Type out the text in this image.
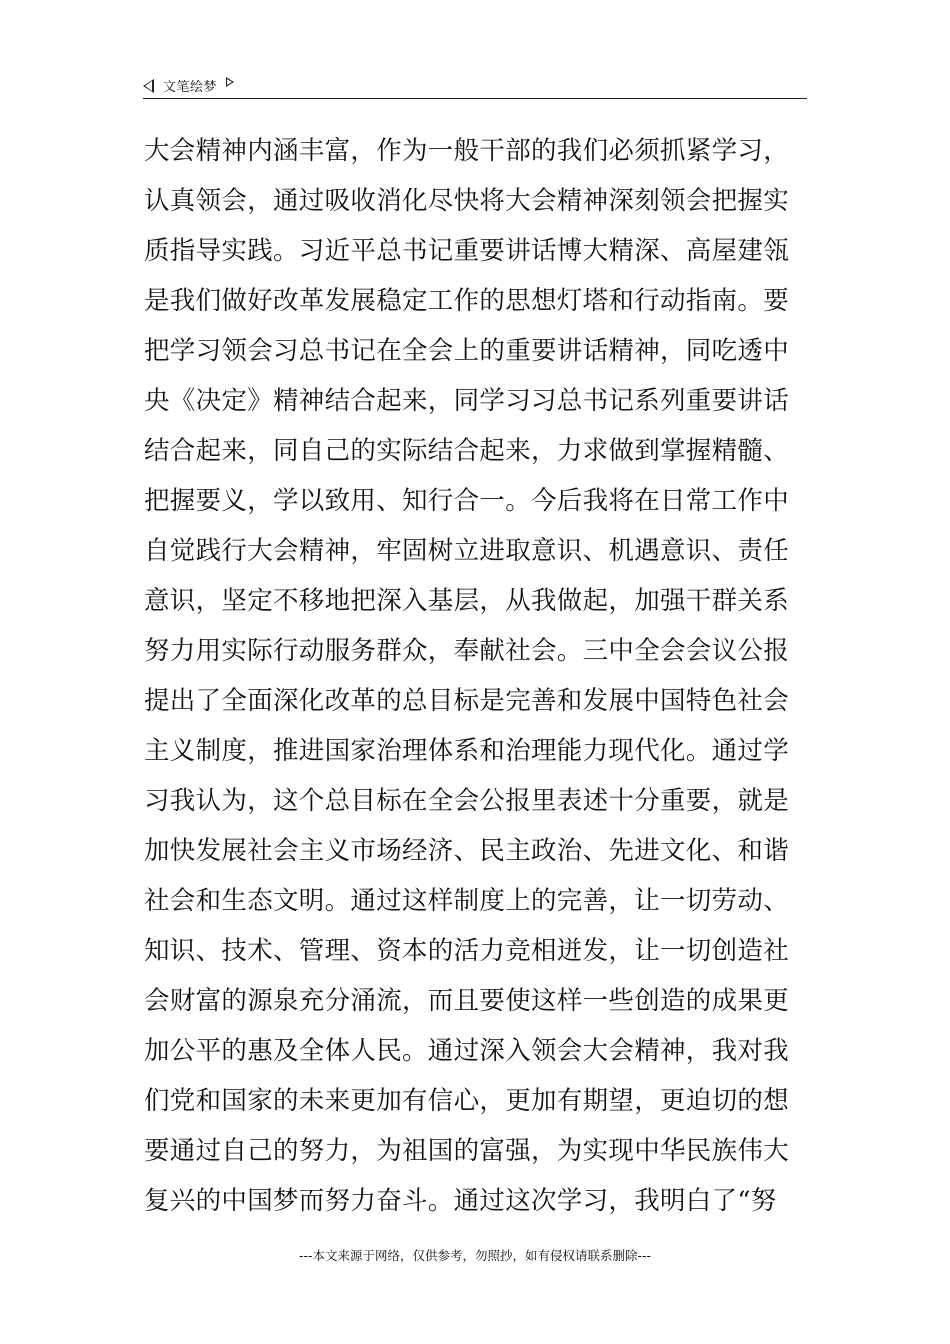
文笔绘梦
大会精神内涵丰富，作为一般干部的我们必须抓紧学习，
认真领会，通过吸收消化尽快将大会精神深刻领会把握实
质指导实践。习近平总书记重要讲话博大精深、高屋建瓴
是我们做好改革发展稳定工作的思想灯塔和行动指南。要
把学习领会习总书记在全会上的重要讲话精神，同吃透中
央《决定》精神结合起来，同学习习总书记系列重要讲话
结合起来，同自己的实际结合起来，力求做到掌握精髓、
把握要义，学以致用、知行合一。今后我将在日常工作中
自觉践行大会精神，牢固树立进取意识、机遇意识、责任
意识，坚定不移地把深入基层，从我做起，加强干群关系
努力用实际行动服务群众，奉献社会。三中全会会议公报
提出了全面深化改革的总目标是完善和发展中国特色社会
主义制度，推进国家治理体系和治理能力现代化。通过学
习我认为，这个总目标在全会公报里表述十分重要，就是
加快发展社会主义市场经济、民主政治、先进文化、和谐
社会和生态文明。通过这样制度上的完善，让一切劳动、
知识、技术、管理、资本的活力竞相迸发，让一切创造社
会财富的源泉充分涌流，而且要使这样一些创造的成果更
加公平的惠及全体人民。通过深入领会大会精神，我对我
们党和国家的未来更加有信心，更加有期望，更迫切的想
要通过自己的努力，为祖国的富强，为实现中华民族伟大
复兴的中国梦而努力奋斗。通过这次学习，我明白了“努
---本文来源于网络，仅供参考，勿照抄，如有侵权请联系删除---
